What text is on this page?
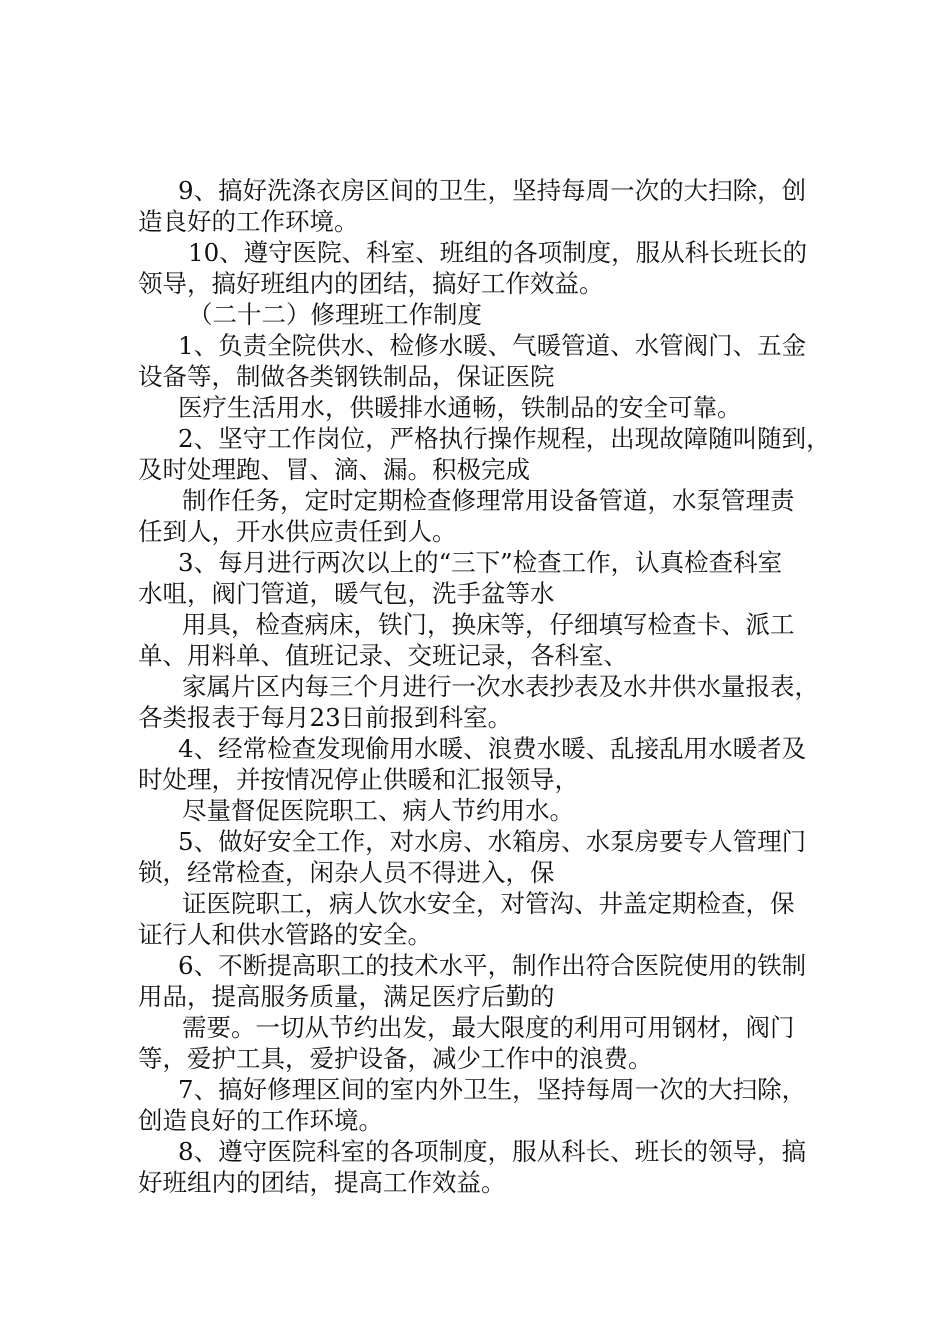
9、搞好洗涤衣房区间的卫生，坚持每周一次的大扫除，创
造良好的工作环境。

10、遵守医院、科室、班组的各项制度，服从科长班长的
领导，搞好班组内的团结，搞好工作效益。

（二十二）修理班工作制度

1、负责全院供水、检修水暖、气暖管道、水管阀门、五金
设备等，制做各类钢铁制品，保证医院

医疗生活用水，供暖排水通畅，铁制品的安全可靠。

2、坚守工作岗位，严格执行操作规程，出现故障随叫随到，
及时处理跑、冒、滴、漏。积极完成

制作任务，定时定期检查修理常用设备管道，水泵管理责
任到人，开水供应责任到人。

3、每月进行两次以上的“三下”检查工作，认真检查科室
水咀，阀门管道，暖气包，洗手盆等水

用具，检查病床，铁门，换床等，仔细填写检查卡、派工
单、用料单、值班记录、交班记录，各科室、

家属片区内每三个月进行一次水表抄表及水井供水量报表，
各类报表于每月23日前报到科室。

4、经常检查发现偷用水暖、浪费水暖、乱接乱用水暖者及
时处理，并按情况停止供暖和汇报领导，

尽量督促医院职工、病人节约用水。

5、做好安全工作，对水房、水箱房、水泵房要专人管理门
锁，经常检查，闲杂人员不得进入，保

证医院职工，病人饮水安全，对管沟、井盖定期检查，保
证行人和供水管路的安全。

6、不断提高职工的技术水平，制作出符合医院使用的铁制
用品，提高服务质量，满足医疗后勤的

需要。一切从节约出发，最大限度的利用可用钢材，阀门
等，爱护工具，爱护设备，减少工作中的浪费。

7、搞好修理区间的室内外卫生，坚持每周一次的大扫除，
创造良好的工作环境。

8、遵守医院科室的各项制度，服从科长、班长的领导，搞
好班组内的团结，提高工作效益。
